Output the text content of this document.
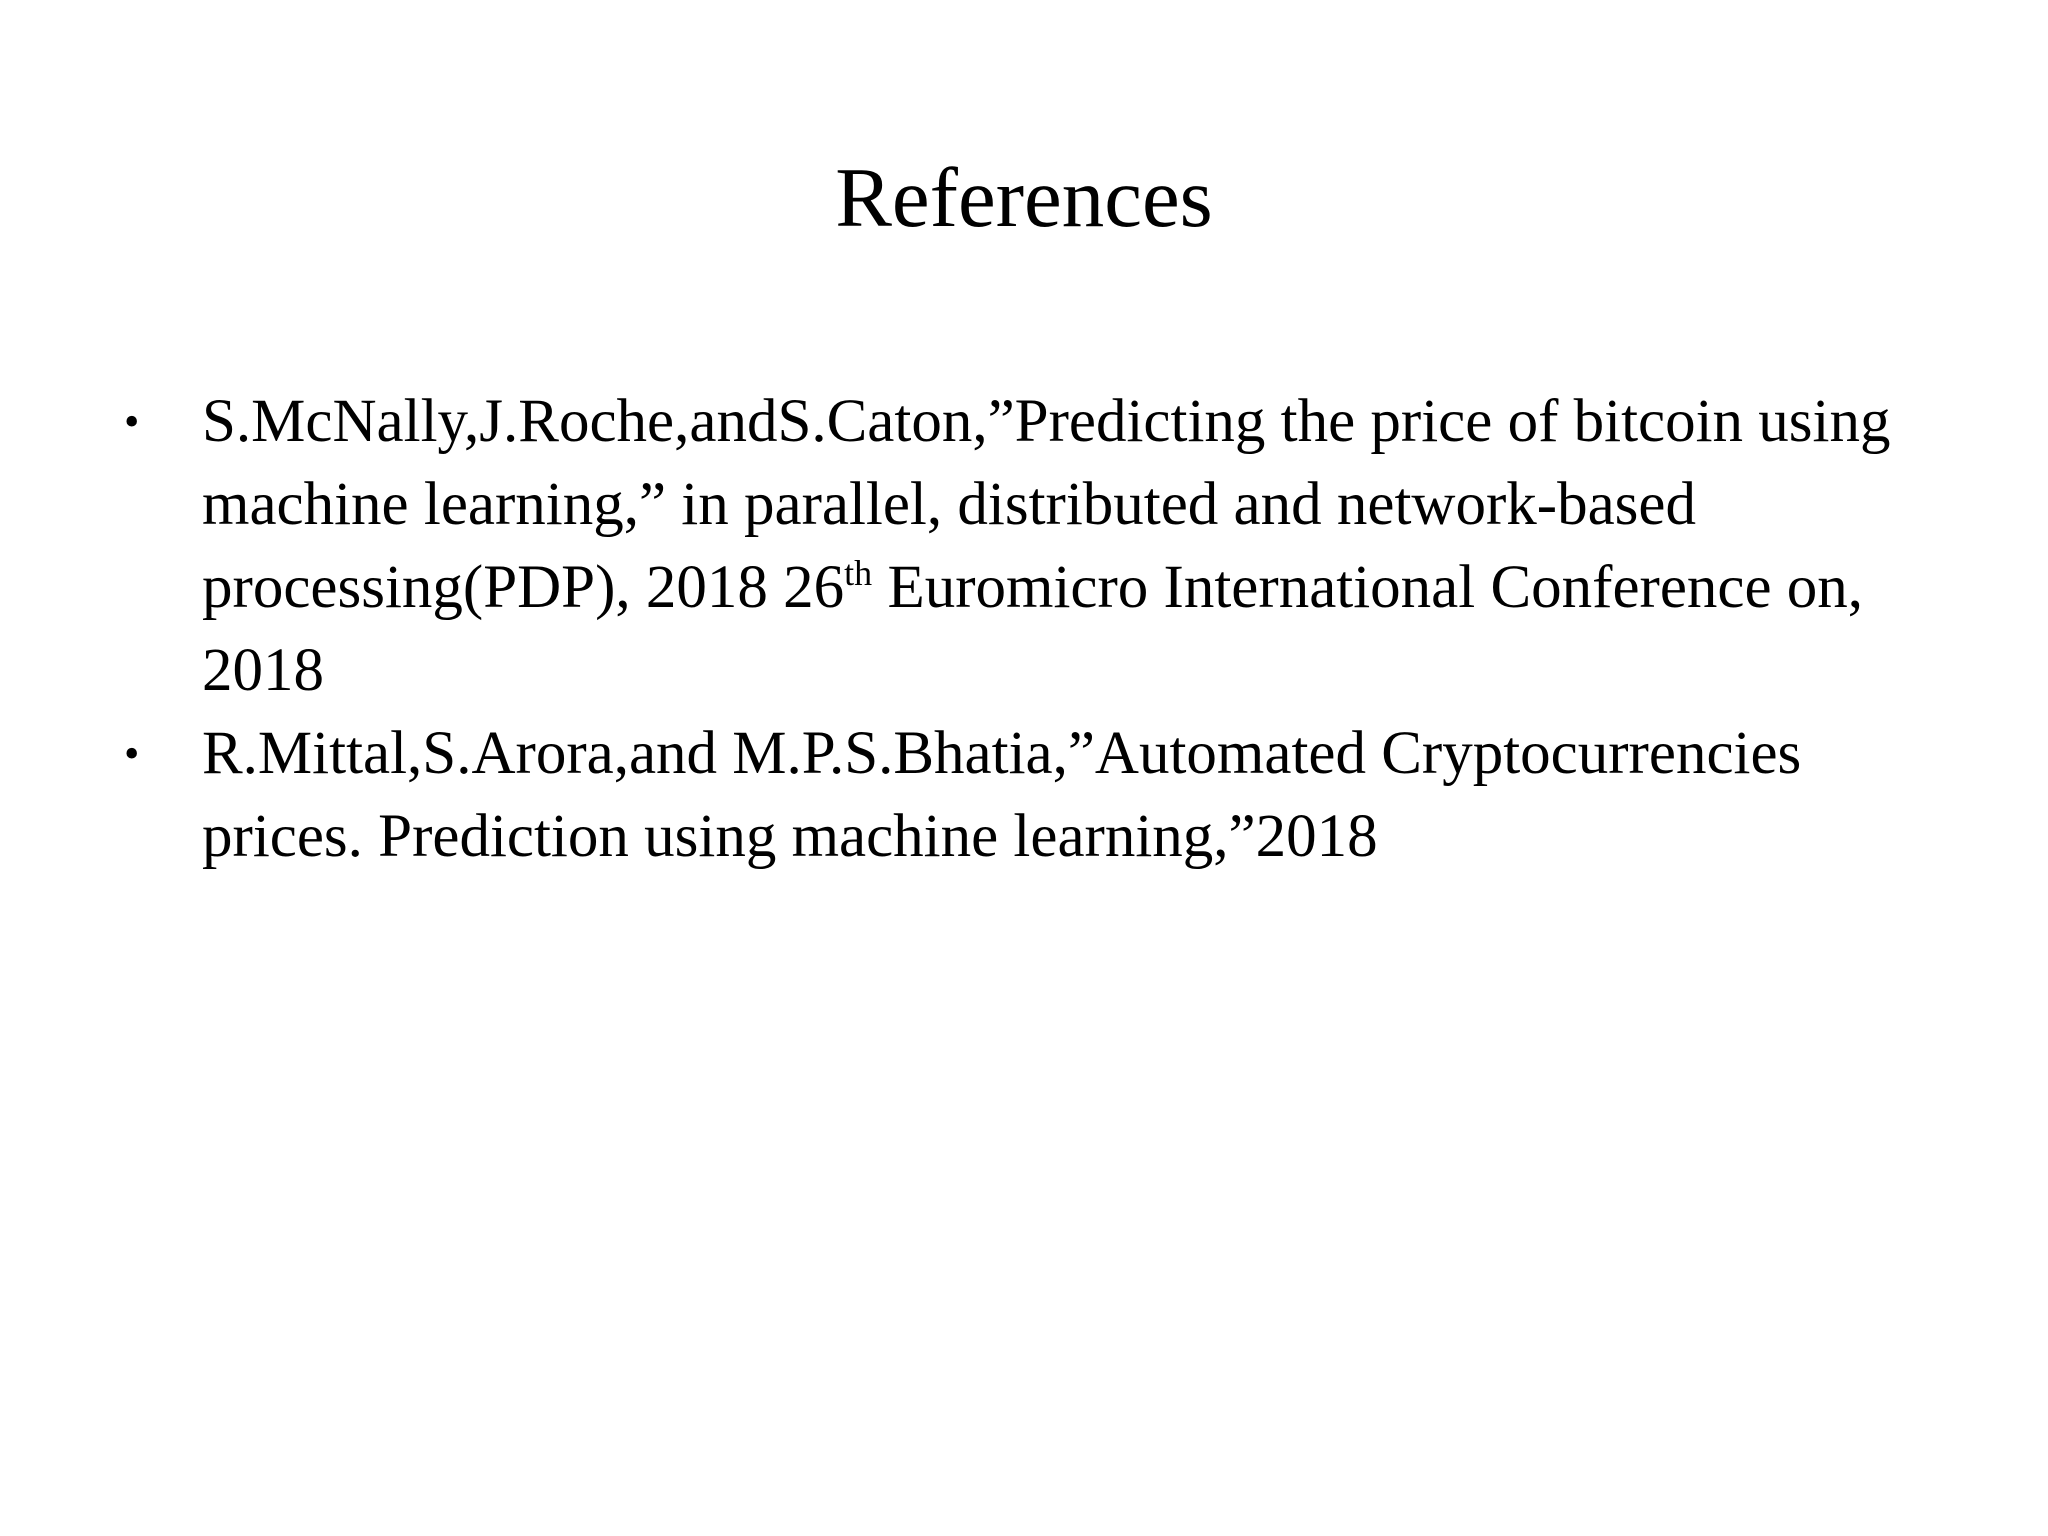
References
• S.McNally,J.Roche,andS.Caton,”Predicting the price of bitcoin using machine learning,” in parallel, distributed and network-based processing(PDP), 2018 26th Euromicro International Conference on, 2018
• R.Mittal,S.Arora,and M.P.S.Bhatia,”Automated Cryptocurrencies prices. Prediction using machine learning,”2018
